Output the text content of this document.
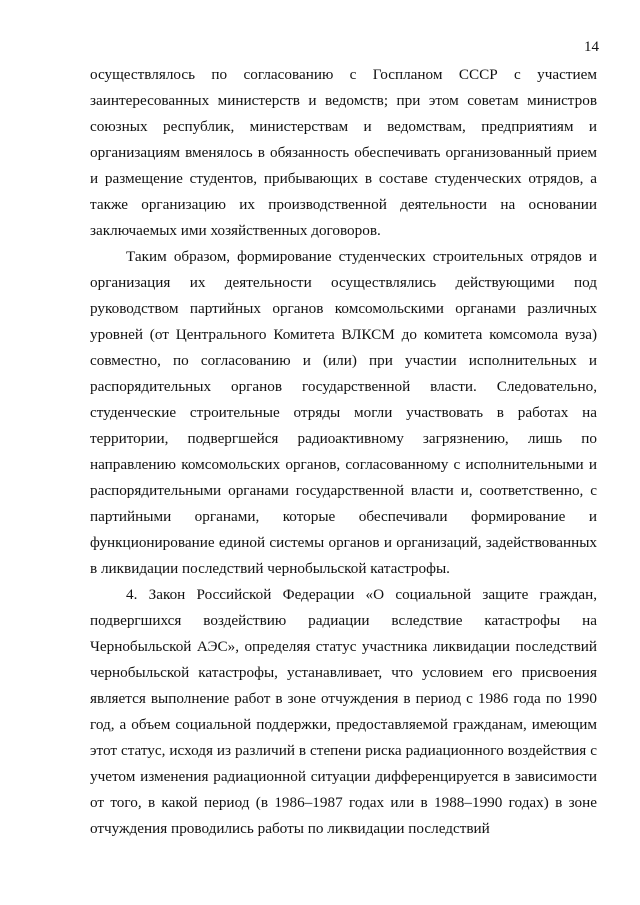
14

осуществлялось по согласованию с Госпланом СССР с участием заинтересованных министерств и ведомств; при этом советам министров союзных республик, министерствам и ведомствам, предприятиям и организациям вменялось в обязанность обеспечивать организованный прием и размещение студентов, прибывающих в составе студенческих отрядов, а также организацию их производственной деятельности на основании заключаемых ими хозяйственных договоров.

Таким образом, формирование студенческих строительных отрядов и организация их деятельности осуществлялись действующими под руководством партийных органов комсомольскими органами различных уровней (от Центрального Комитета ВЛКСМ до комитета комсомола вуза) совместно, по согласованию и (или) при участии исполнительных и распорядительных органов государственной власти. Следовательно, студенческие строительные отряды могли участвовать в работах на территории, подвергшейся радиоактивному загрязнению, лишь по направлению комсомольских органов, согласованному с исполнительными и распорядительными органами государственной власти и, соответственно, с партийными органами, которые обеспечивали формирование и функционирование единой системы органов и организаций, задействованных в ликвидации последствий чернобыльской катастрофы.

4. Закон Российской Федерации «О социальной защите граждан, подвергшихся воздействию радиации вследствие катастрофы на Чернобыльской АЭС», определяя статус участника ликвидации последствий чернобыльской катастрофы, устанавливает, что условием его присвоения является выполнение работ в зоне отчуждения в период с 1986 года по 1990 год, а объем социальной поддержки, предоставляемой гражданам, имеющим этот статус, исходя из различий в степени риска радиационного воздействия с учетом изменения радиационной ситуации дифференцируется в зависимости от того, в какой период (в 1986–1987 годах или в 1988–1990 годах) в зоне отчуждения проводились работы по ликвидации последствий
